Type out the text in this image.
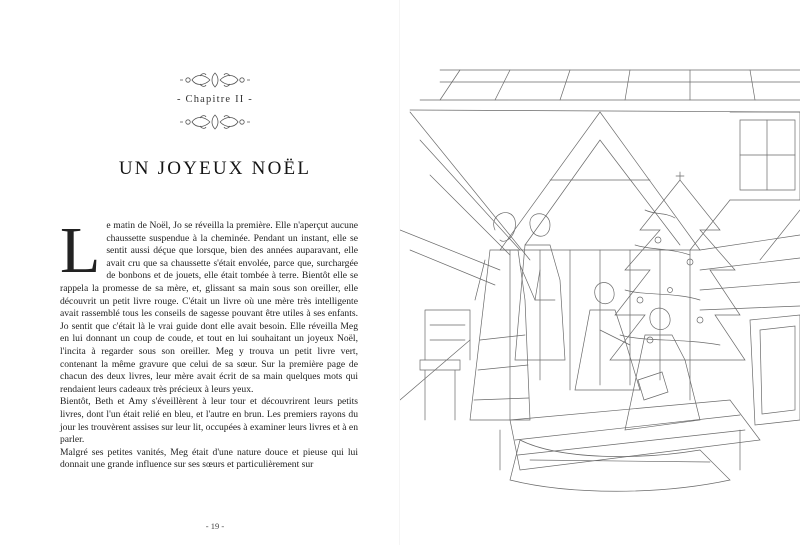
- Chapitre II -
UN JOYEUX NOËL

Le matin de Noël, Jo se réveilla la première. Elle n'aperçut aucune chaussette suspendue à la cheminée. Pendant un instant, elle se sentit aussi déçue que lorsque, bien des années auparavant, elle avait cru que sa chaussette s'était envolée, parce que, surchargée de bonbons et de jouets, elle était tombée à terre. Bientôt elle se rappela la promesse de sa mère, et, glissant sa main sous son oreiller, elle découvrit un petit livre rouge. C'était un livre où une mère très intelligente avait rassemblé tous les conseils de sagesse pouvant être utiles à ses enfants. Jo sentit que c'était là le vrai guide dont elle avait besoin. Elle réveilla Meg en lui donnant un coup de coude, et tout en lui souhaitant un joyeux Noël, l'incita à regarder sous son oreiller. Meg y trouva un petit livre vert, contenant la même gravure que celui de sa sœur. Sur la première page de chacun des deux livres, leur mère avait écrit de sa main quelques mots qui rendaient leurs cadeaux très précieux à leurs yeux.

Bientôt, Beth et Amy s'éveillèrent à leur tour et découvrirent leurs petits livres, dont l'un était relié en bleu, et l'autre en brun. Les premiers rayons du jour les trouvèrent assises sur leur lit, occupées à examiner leurs livres et à en parler.

Malgré ses petites vanités, Meg était d'une nature douce et pieuse qui lui donnait une grande influence sur ses sœurs et particulièrement sur

- 19 -
